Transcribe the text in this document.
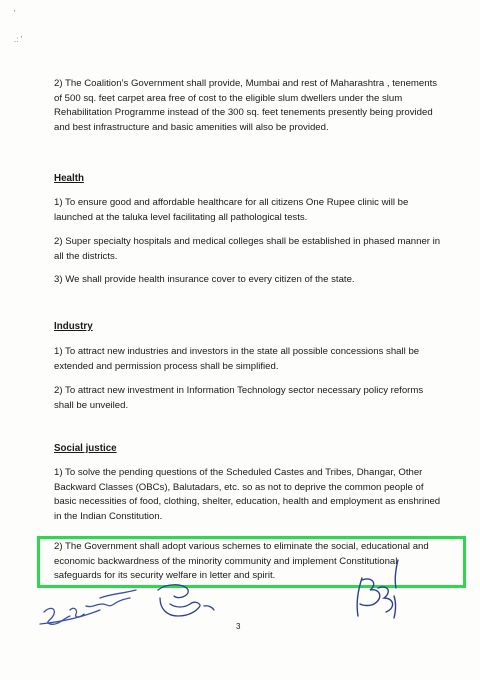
'
.: '

2) The Coalition’s Government shall provide, Mumbai and rest of Maharashtra , tenements of 500 sq. feet carpet area free of cost to the eligible slum dwellers under the slum Rehabilitation Programme instead of the 300 sq. feet tenements presently being provided and best infrastructure and basic amenities will also be provided.

Health

1) To ensure good and affordable healthcare for all citizens One Rupee clinic will be launched at the taluka level facilitating all pathological tests.

2) Super specialty hospitals and medical colleges shall be established in phased manner in all the districts.

3) We shall provide health insurance cover to every citizen of the state.

Industry

1) To attract new industries and investors in the state all possible concessions shall be extended and permission process shall be simplified.

2) To attract new investment in Information Technology sector necessary policy reforms shall be unveiled.

Social justice

1) To solve the pending questions of the Scheduled Castes and Tribes, Dhangar, Other Backward Classes (OBCs), Balutadars, etc. so as not to deprive the common people of basic necessities of food, clothing, shelter, education, health and employment as enshrined in the Indian Constitution.

2) The Government shall adopt various schemes to eliminate the social, educational and economic backwardness of the minority community and implement Constitutional safeguards for its security welfare in letter and spirit.

3
